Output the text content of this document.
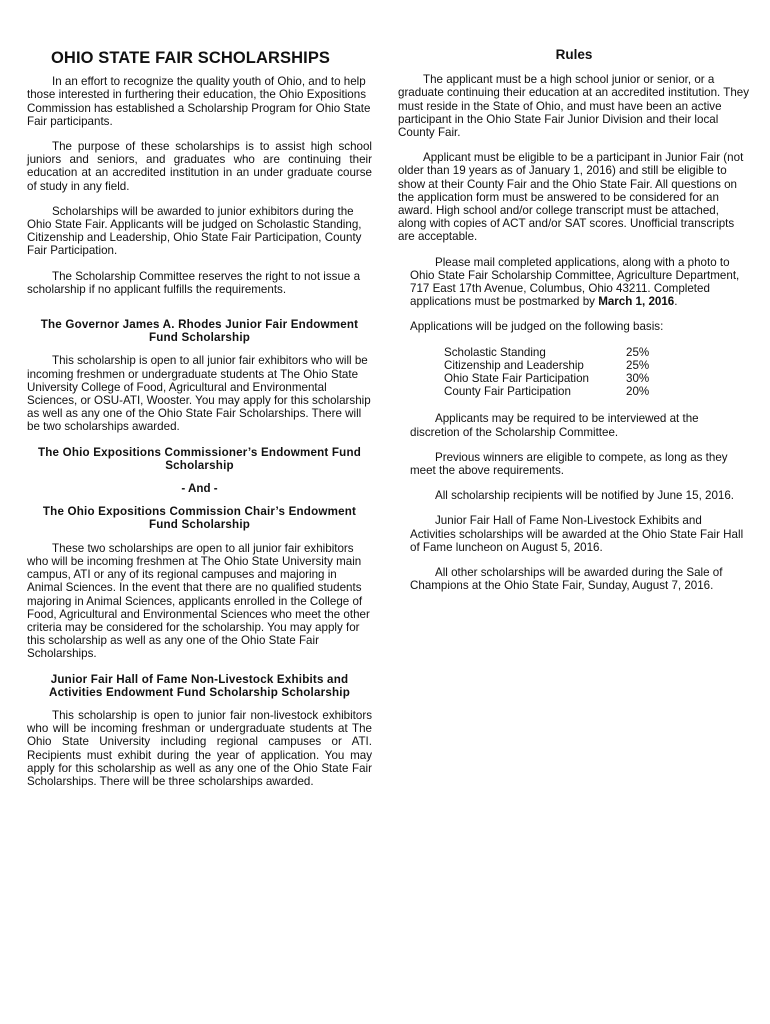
OHIO STATE FAIR SCHOLARSHIPS

In an effort to recognize the quality youth of Ohio, and to help those interested in furthering their education, the Ohio Expositions Commission has established a Scholarship Program for Ohio State Fair participants.

The purpose of these scholarships is to assist high school juniors and seniors, and graduates who are continuing their education at an accredited institution in an under graduate course of study in any field.

Scholarships will be awarded to junior exhibitors during the Ohio State Fair. Applicants will be judged on Scholastic Standing, Citizenship and Leadership, Ohio State Fair Participation, County Fair Participation.

The Scholarship Committee reserves the right to not issue a scholarship if no applicant fulfills the requirements.

The Governor James A. Rhodes Junior Fair Endowment Fund Scholarship

This scholarship is open to all junior fair exhibitors who will be incoming freshmen or undergraduate students at The Ohio State University College of Food, Agricultural and Environmental Sciences, or OSU-ATI, Wooster. You may apply for this scholarship as well as any one of the Ohio State Fair Scholarships. There will be two scholarships awarded.

The Ohio Expositions Commissioner’s Endowment Fund Scholarship
- And -
The Ohio Expositions Commission Chair’s Endowment Fund Scholarship

These two scholarships are open to all junior fair exhibitors who will be incoming freshmen at The Ohio State University main campus, ATI or any of its regional campuses and majoring in Animal Sciences. In the event that there are no qualified students majoring in Animal Sciences, applicants enrolled in the College of Food, Agricultural and Environmental Sciences who meet the other criteria may be considered for the scholarship. You may apply for this scholarship as well as any one of the Ohio State Fair Scholarships.

Junior Fair Hall of Fame Non-Livestock Exhibits and Activities Endowment Fund Scholarship Scholarship

This scholarship is open to junior fair non-livestock exhibitors who will be incoming freshman or undergraduate students at The Ohio State University including regional campuses or ATI. Recipients must exhibit during the year of application. You may apply for this scholarship as well as any one of the Ohio State Fair Scholarships. There will be three scholarships awarded.

Rules

The applicant must be a high school junior or senior, or a graduate continuing their education at an accredited institution. They must reside in the State of Ohio, and must have been an active participant in the Ohio State Fair Junior Division and their local County Fair.

Applicant must be eligible to be a participant in Junior Fair (not older than 19 years as of January 1, 2016) and still be eligible to show at their County Fair and the Ohio State Fair. All questions on the application form must be answered to be considered for an award. High school and/or college transcript must be attached, along with copies of ACT and/or SAT scores. Unofficial transcripts are acceptable.

Please mail completed applications, along with a photo to Ohio State Fair Scholarship Committee, Agriculture Department, 717 East 17th Avenue, Columbus, Ohio 43211. Completed applications must be postmarked by March 1, 2016.

Applications will be judged on the following basis:

Scholastic Standing	25%
Citizenship and Leadership	25%
Ohio State Fair Participation	30%
County Fair Participation	20%

Applicants may be required to be interviewed at the discretion of the Scholarship Committee.

Previous winners are eligible to compete, as long as they meet the above requirements.

All scholarship recipients will be notified by June 15, 2016.

Junior Fair Hall of Fame Non-Livestock Exhibits and Activities scholarships will be awarded at the Ohio State Fair Hall of Fame luncheon on August 5, 2016.

All other scholarships will be awarded during the Sale of Champions at the Ohio State Fair, Sunday, August 7, 2016.
